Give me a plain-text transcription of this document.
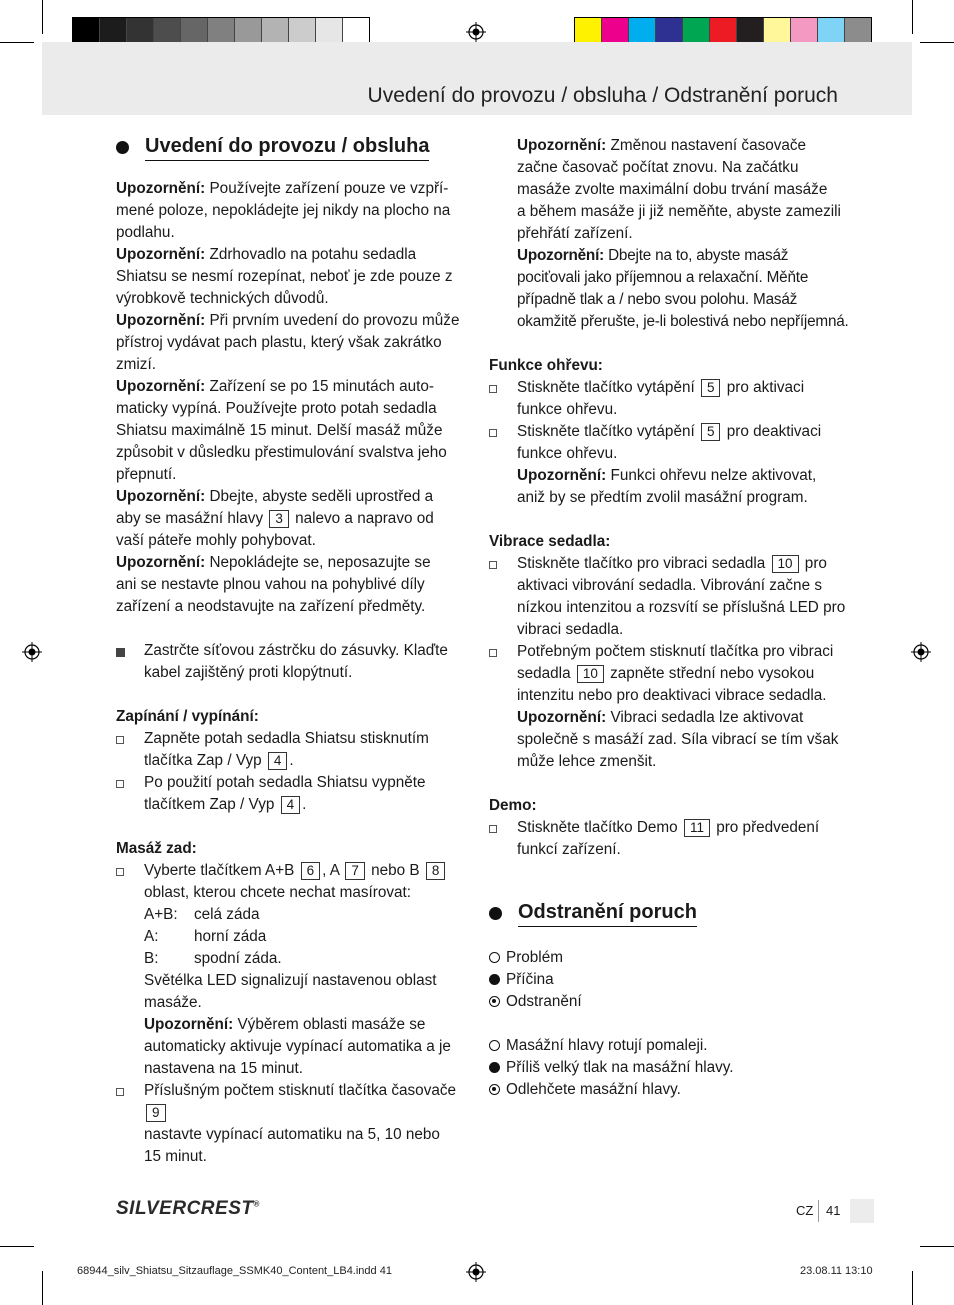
Uvedení do provozu / obsluha / Odstranění poruch
Uvedení do provozu / obsluha

Upozornění: Používejte zařízení pouze ve vzpří-
mené poloze, nepokládejte jej nikdy na plocho na
podlahu.

Upozornění: Zdrhovadlo na potahu sedadla
Shiatsu se nesmí rozepínat, neboť je zde pouze z
výrobkově technických důvodů.

Upozornění: Při prvním uvedení do provozu může
přístroj vydávat pach plastu, který však zakrátko
zmizí.

Upozornění: Zařízení se po 15 minutách auto-
maticky vypíná. Používejte proto potah sedadla
Shiatsu maximálně 15 minut. Delší masáž může
způsobit v důsledku přestimulování svalstva jeho
přepnutí.

Upozornění: Dbejte, abyste seděli uprostřed a
aby se masážní hlavy 3 nalevo a napravo od
vaší páteře mohly pohybovat.

Upozornění: Nepokládejte se, neposazujte se
ani se nestavte plnou vahou na pohyblivé díly
zařízení a neodstavujte na zařízení předměty.

Zastrčte síťovou zástrčku do zásuvky. Klaďte
kabel zajištěný proti klopýtnutí.
Zapínání / vypínání:
Zapněte potah sedadla Shiatsu stisknutím
tlačítka Zap / Vyp 4 .
Po použití potah sedadla Shiatsu vypněte
tlačítkem Zap / Vyp 4 .
Masáž zad:
Vyberte tlačítkem A+B 6 , A 7 nebo B 8
oblast, kterou chcete nechat masírovat:
A+B:	celá záda
A:	horní záda
B:	spodní záda.

Světélka LED signalizují nastavenou oblast
masáže.

Upozornění: Výběrem oblasti masáže se
automaticky aktivuje vypínací automatika a je
nastavena na 15 minut.

Příslušným počtem stisknutí tlačítka časovače 9
nastavte vypínací automatiku na 5, 10 nebo
15 minut.

Upozornění: Změnou nastavení časovače
začne časovač počítat znovu. Na začátku
masáže zvolte maximální dobu trvání masáže
a během masáže ji již neměňte, abyste zamezili
přehřátí zařízení.

Upozornění: Dbejte na to, abyste masáž
pociťovali jako příjemnou a relaxační. Měňte
případně tlak a / nebo svou polohu. Masáž
okamžitě přerušte, je-li bolestivá nebo nepříjemná.

Funkce ohřevu:
Stiskněte tlačítko vytápění 5 pro aktivaci
funkce ohřevu.
Stiskněte tlačítko vytápění 5 pro deaktivaci
funkce ohřevu.

Upozornění: Funkci ohřevu nelze aktivovat,
aniž by se předtím zvolil masážní program.

Vibrace sedadla:
Stiskněte tlačítko pro vibraci sedadla 10 pro
aktivaci vibrování sedadla. Vibrování začne s
nízkou intenzitou a rozsvítí se příslušná LED pro
vibraci sedadla.
Potřebným počtem stisknutí tlačítka pro vibraci
sedadla 10 zapněte střední nebo vysokou
intenzitu nebo pro deaktivaci vibrace sedadla.

Upozornění: Vibraci sedadla lze aktivovat
společně s masáží zad. Síla vibrací se tím však
může lehce zmenšit.

Demo:
Stiskněte tlačítko Demo 11 pro předvedení
funkcí zařízení.
Odstranění poruch

Problém

Příčina

Odstranění

Masážní hlavy rotují pomaleji.

Příliš velký tlak na masážní hlavy.

Odlehčete masážní hlavy.

SILVERCREST®	CZ 41
68944_silv_Shiatsu_Sitzauflage_SSMK40_Content_LB4.indd 41	23.08.11 13:10
